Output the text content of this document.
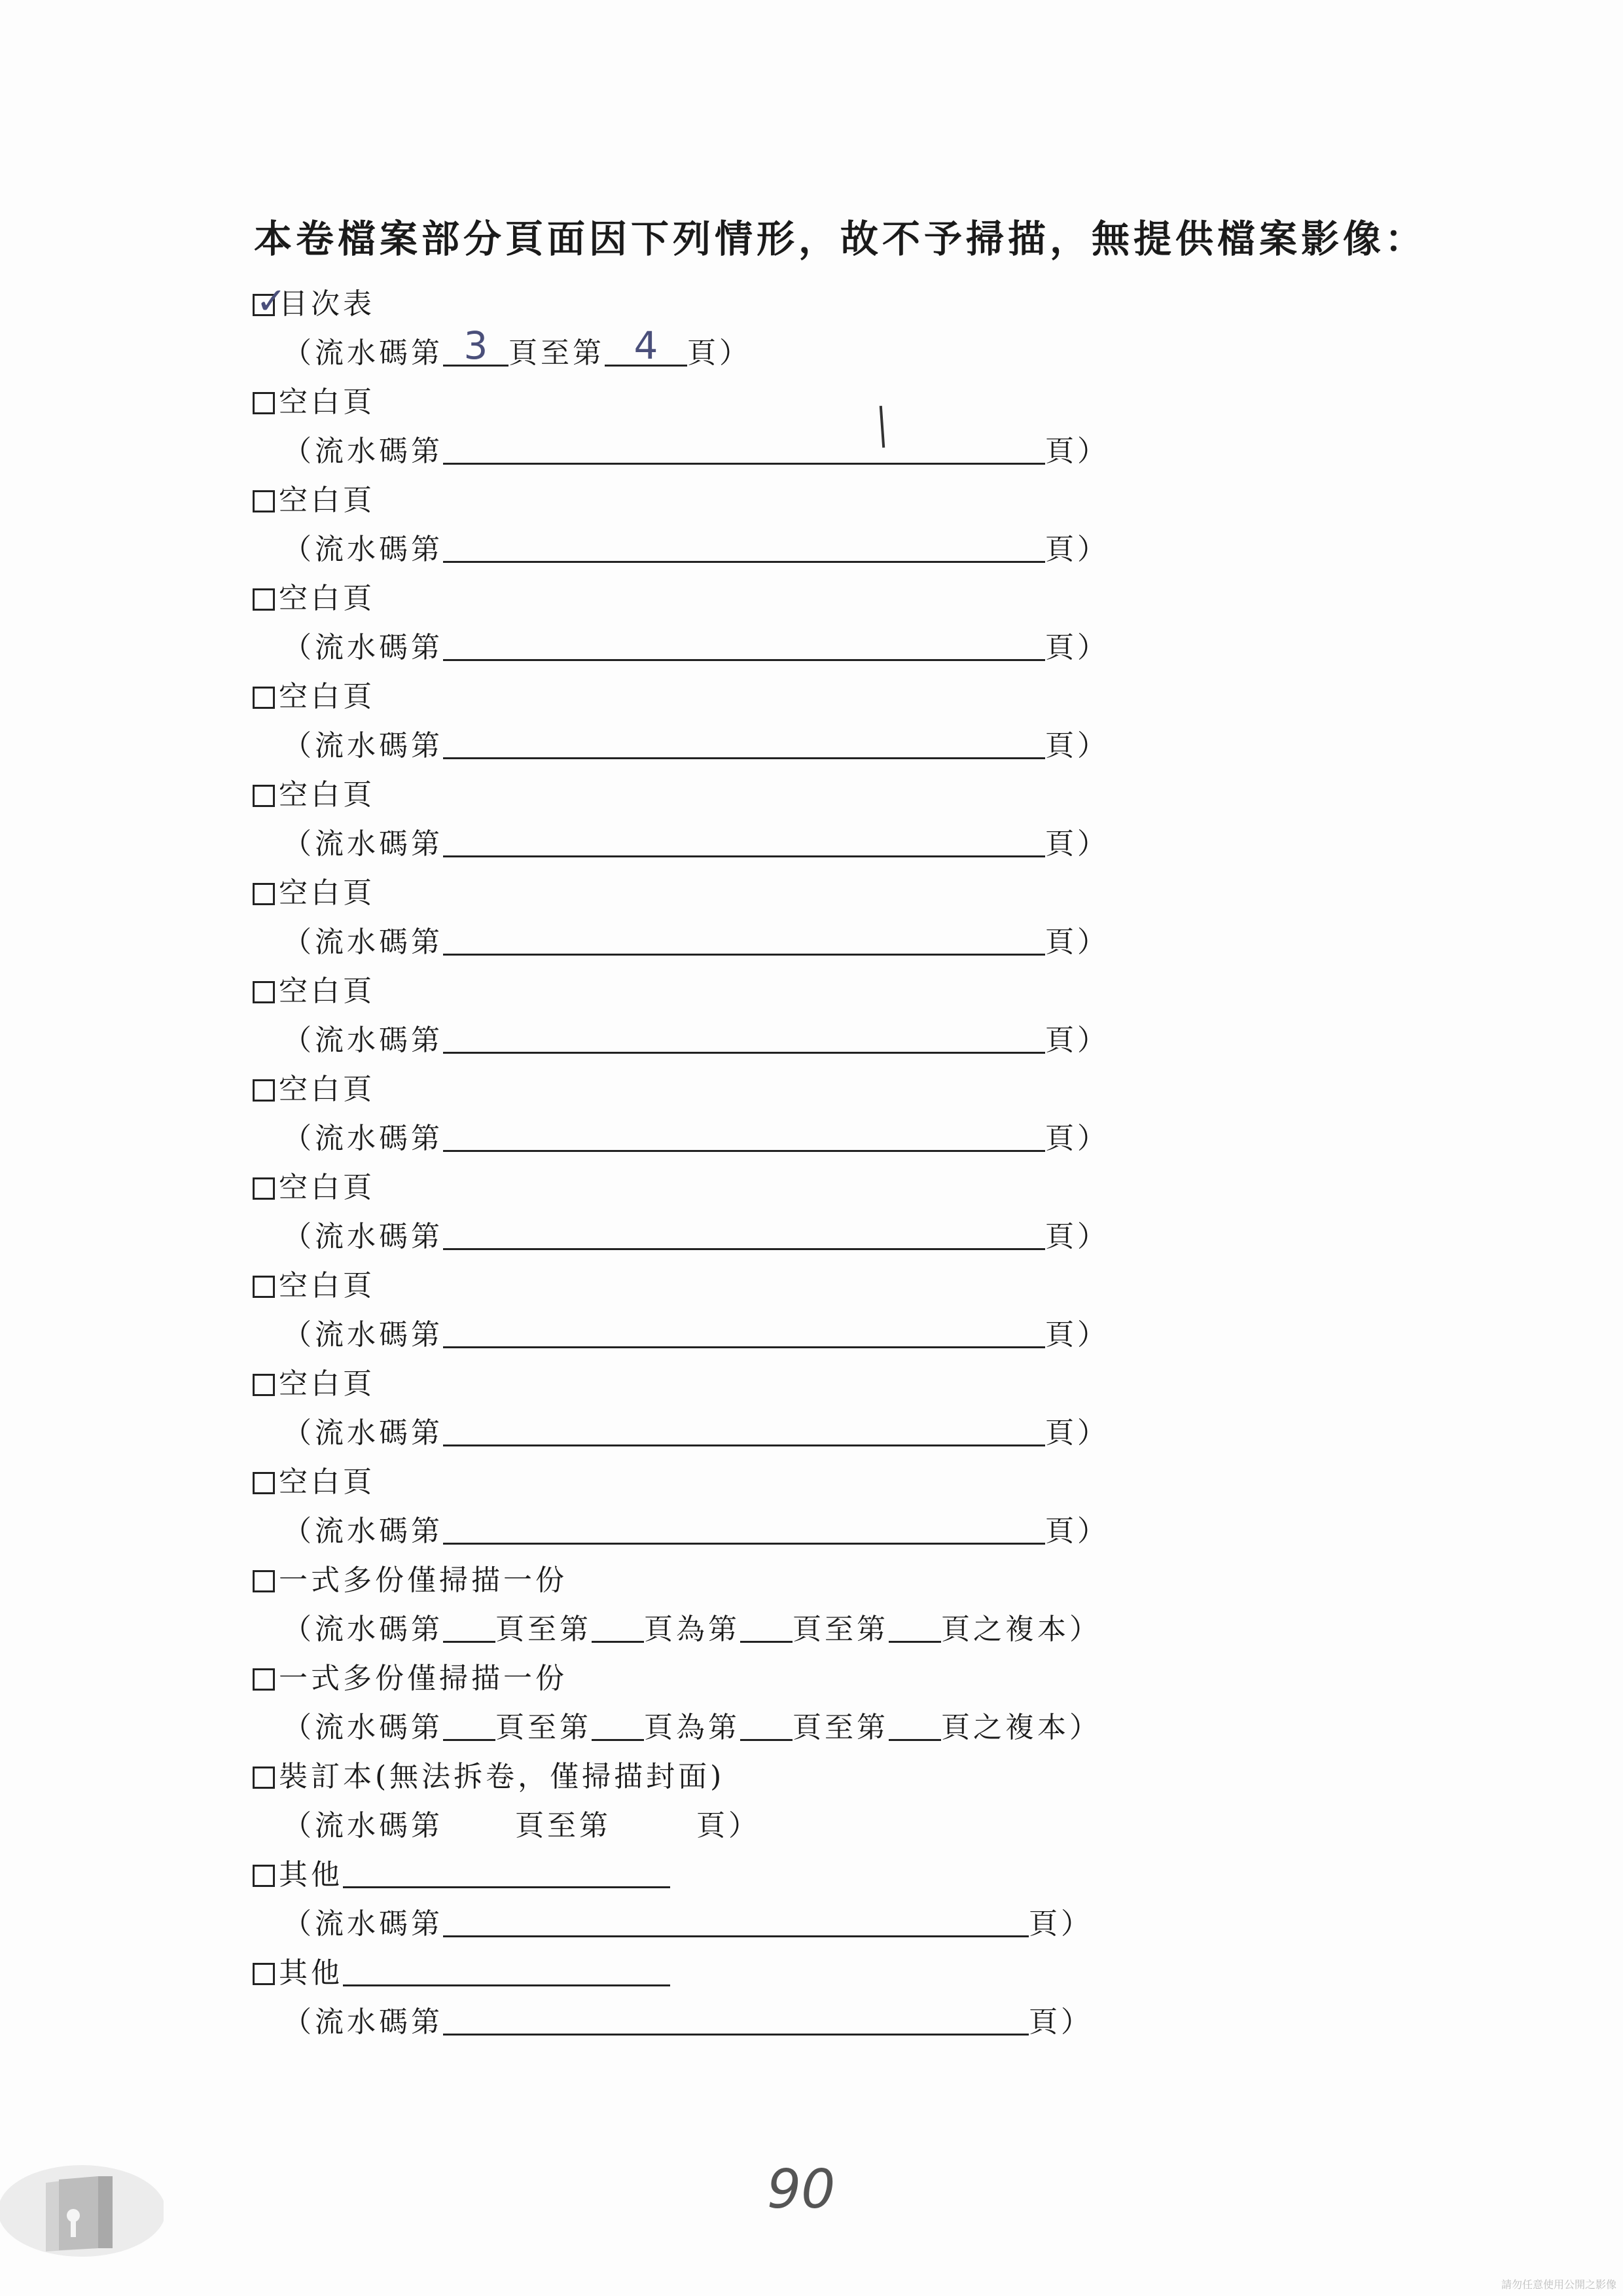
本卷檔案部分頁面因下列情形，故不予掃描，無提供檔案影像：
✓
目次表
（流水碼第 3 頁至第 4	頁）
空白頁
（流水碼第	頁）
空白頁
（流水碼第	頁）
空白頁
（流水碼第	頁）
空白頁
（流水碼第	頁）
空白頁
（流水碼第	頁）
空白頁
（流水碼第	頁）
空白頁
（流水碼第	頁）
空白頁
（流水碼第	頁）
空白頁
（流水碼第	頁）
空白頁
（流水碼第	頁）
空白頁
（流水碼第	頁）
空白頁
（流水碼第	頁）
一式多份僅掃描一份
（流水碼第 頁至第 頁為第 頁至第 頁之複本）
一式多份僅掃描一份
（流水碼第 頁至第 頁為第 頁至第 頁之複本）
裝訂本(無法拆卷，僅掃描封面)
（流水碼第	頁至第	頁）
其他
（流水碼第	頁）
其他
（流水碼第	頁）
90
請勿任意使用公開之影像
